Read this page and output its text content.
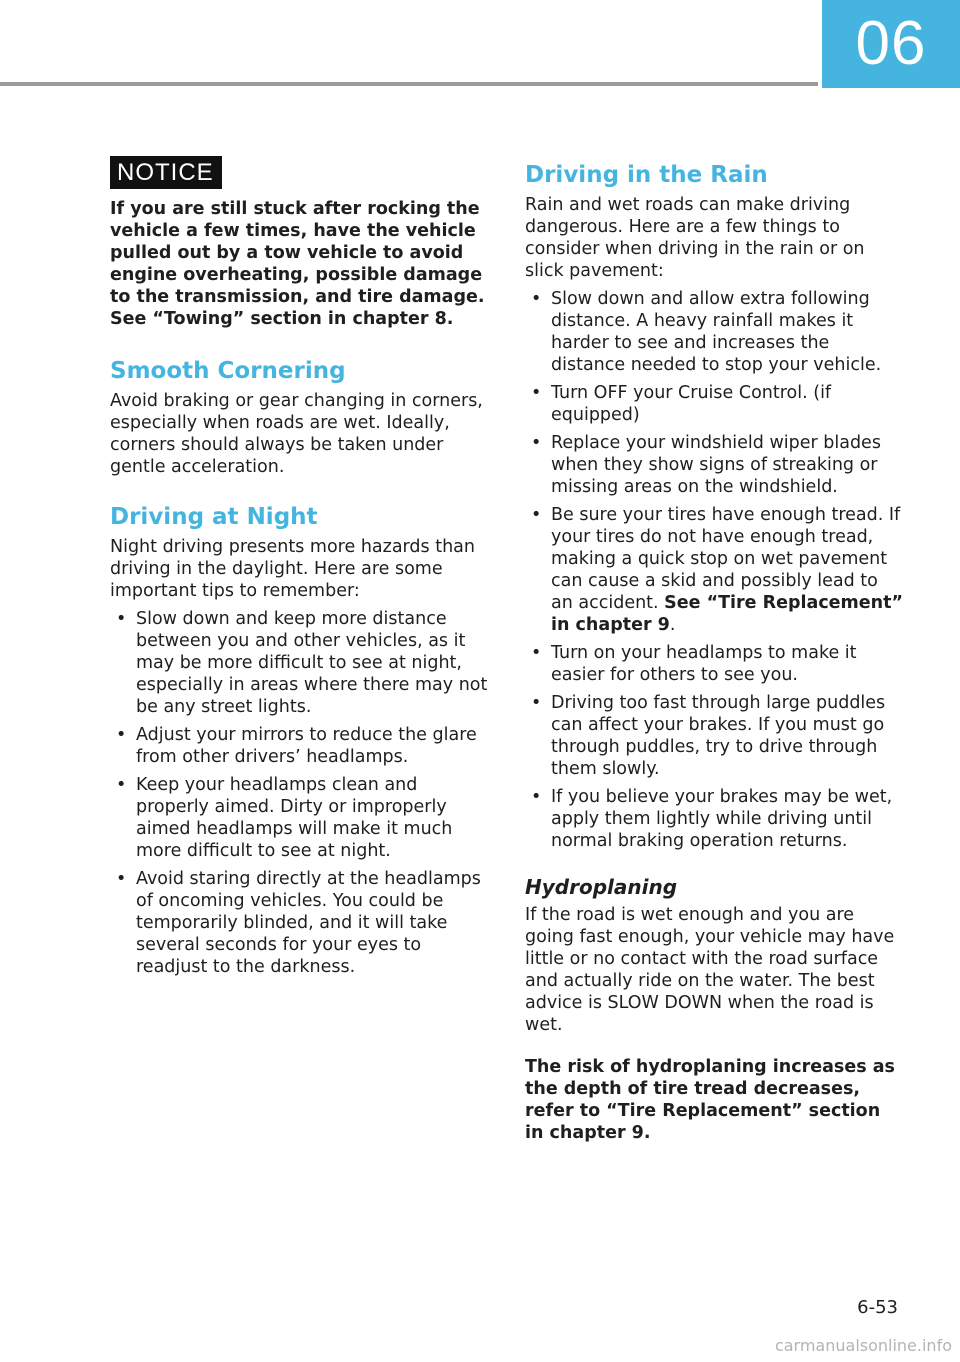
06
NOTICE

If you are still stuck after rocking the vehicle a few times, have the vehicle pulled out by a tow vehicle to avoid engine overheating, possible damage to the transmission, and tire damage. See “Towing” section in chapter 8.

Smooth Cornering

Avoid braking or gear changing in corners, especially when roads are wet. Ideally, corners should always be taken under gentle acceleration.

Driving at Night

Night driving presents more hazards than driving in the daylight. Here are some important tips to remember:

• Slow down and keep more distance between you and other vehicles, as it may be more difficult to see at night, especially in areas where there may not be any street lights.
• Adjust your mirrors to reduce the glare from other drivers’ headlamps.
• Keep your headlamps clean and properly aimed. Dirty or improperly aimed headlamps will make it much more difficult to see at night.
• Avoid staring directly at the headlamps of oncoming vehicles. You could be temporarily blinded, and it will take several seconds for your eyes to readjust to the darkness.
Driving in the Rain

Rain and wet roads can make driving dangerous. Here are a few things to consider when driving in the rain or on slick pavement:

• Slow down and allow extra following distance. A heavy rainfall makes it harder to see and increases the distance needed to stop your vehicle.
• Turn OFF your Cruise Control. (if equipped)
• Replace your windshield wiper blades when they show signs of streaking or missing areas on the windshield.
• Be sure your tires have enough tread. If your tires do not have enough tread, making a quick stop on wet pavement can cause a skid and possibly lead to an accident. See “Tire Replacement” in chapter 9.
• Turn on your headlamps to make it easier for others to see you.
• Driving too fast through large puddles can affect your brakes. If you must go through puddles, try to drive through them slowly.
• If you believe your brakes may be wet, apply them lightly while driving until normal braking operation returns.
Hydroplaning

If the road is wet enough and you are going fast enough, your vehicle may have little or no contact with the road surface and actually ride on the water. The best advice is SLOW DOWN when the road is wet.

The risk of hydroplaning increases as the depth of tire tread decreases, refer to “Tire Replacement” section in chapter 9.

6-53
carmanualsonline.info
